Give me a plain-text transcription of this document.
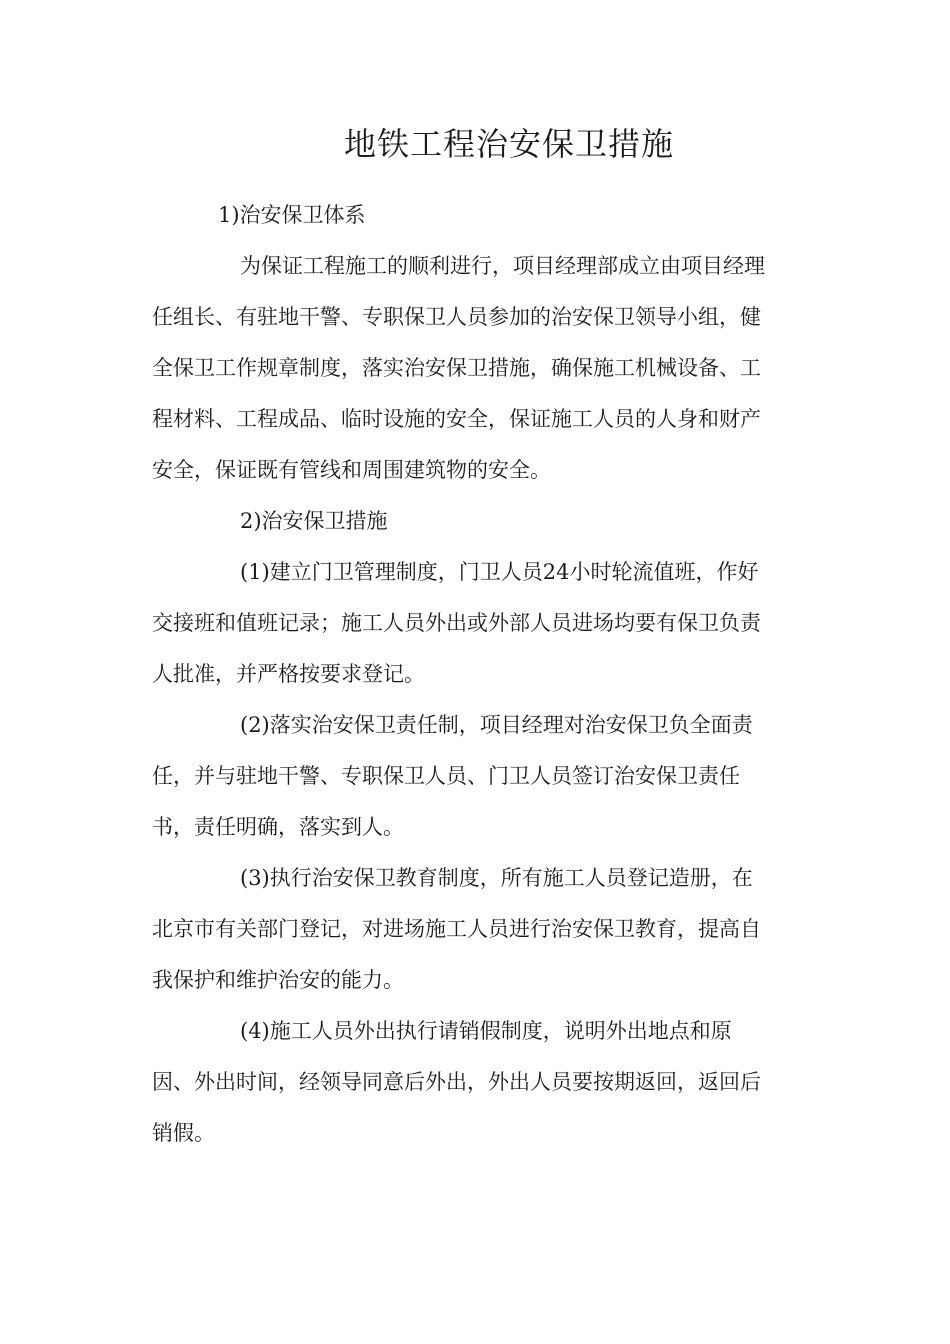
地铁工程治安保卫措施
1)治安保卫体系
为保证工程施工的顺利进行，项目经理部成立由项目经理
任组长、有驻地干警、专职保卫人员参加的治安保卫领导小组，健
全保卫工作规章制度，落实治安保卫措施，确保施工机械设备、工
程材料、工程成品、临时设施的安全，保证施工人员的人身和财产
安全，保证既有管线和周围建筑物的安全。
2)治安保卫措施
(1)建立门卫管理制度，门卫人员24小时轮流值班，作好
交接班和值班记录；施工人员外出或外部人员进场均要有保卫负责
人批准，并严格按要求登记。
(2)落实治安保卫责任制，项目经理对治安保卫负全面责
任，并与驻地干警、专职保卫人员、门卫人员签订治安保卫责任
书，责任明确，落实到人。
(3)执行治安保卫教育制度，所有施工人员登记造册，在
北京市有关部门登记，对进场施工人员进行治安保卫教育，提高自
我保护和维护治安的能力。
(4)施工人员外出执行请销假制度，说明外出地点和原
因、外出时间，经领导同意后外出，外出人员要按期返回，返回后
销假。
